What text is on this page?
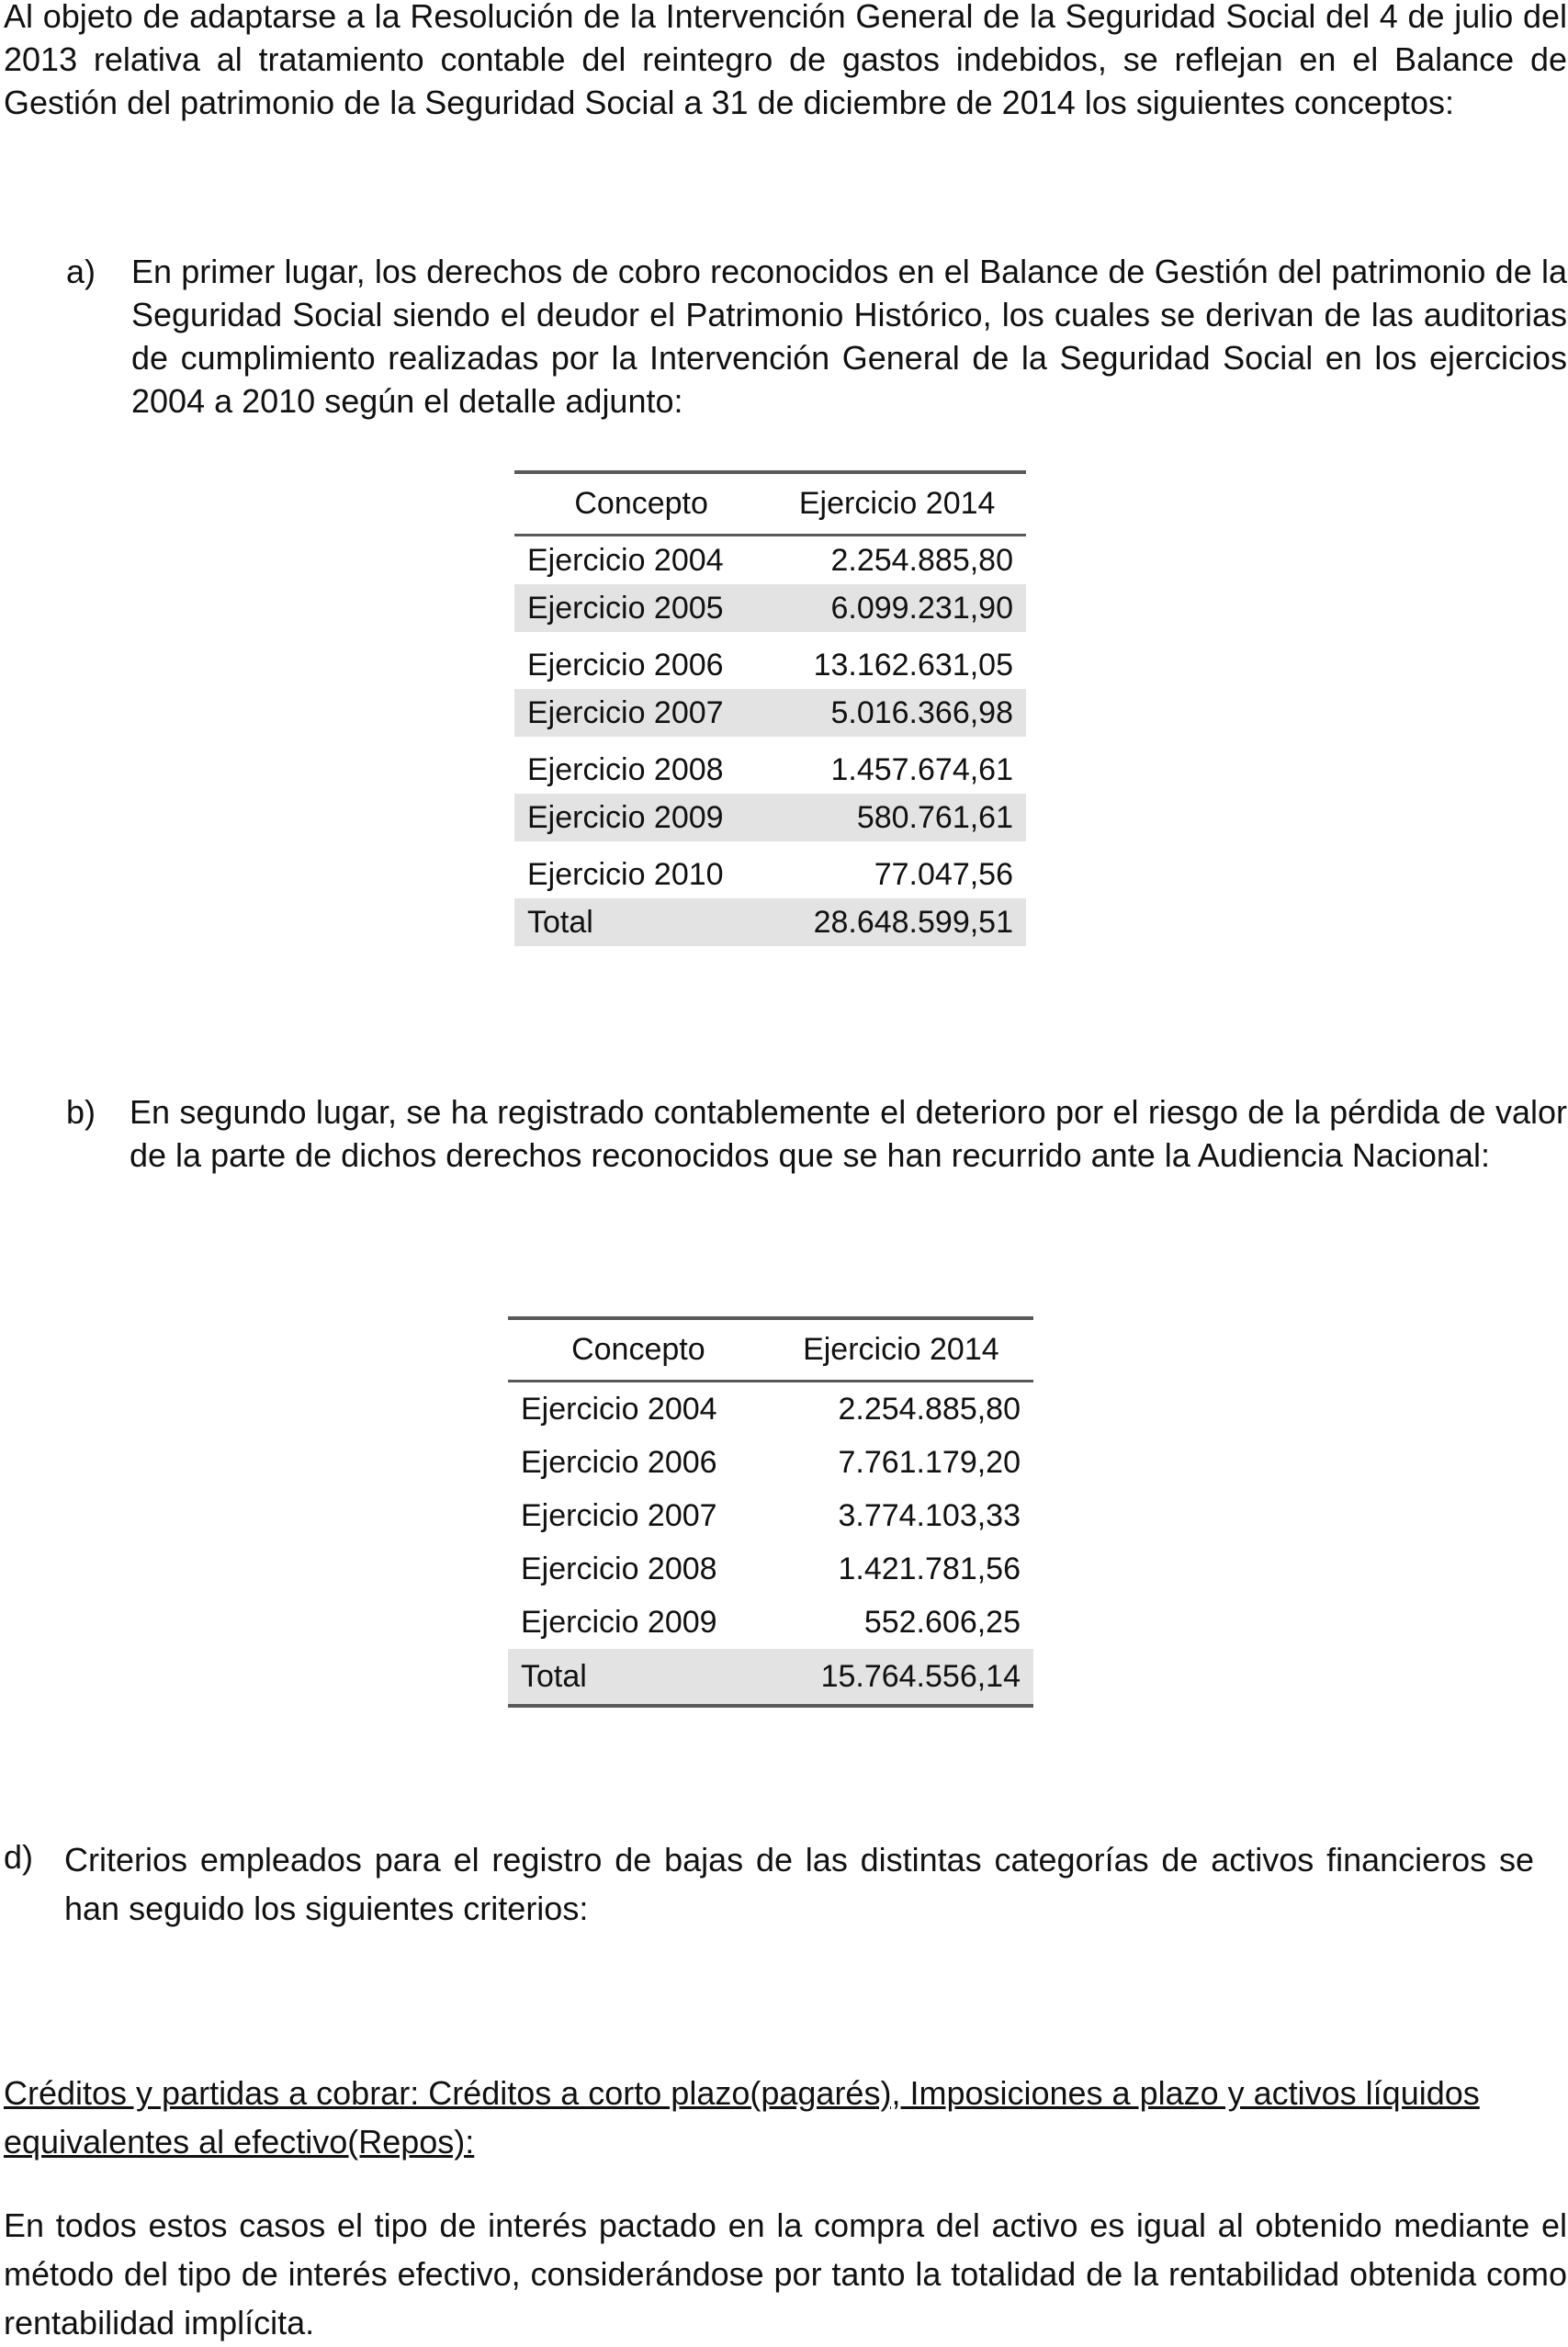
Al objeto de adaptarse a la Resolución de la Intervención General de la Seguridad Social del 4 de julio del 2013 relativa al tratamiento contable del reintegro de gastos indebidos, se reflejan en el Balance de Gestión del patrimonio de la Seguridad Social a 31 de diciembre de 2014 los siguientes conceptos:
a) En primer lugar, los derechos de cobro reconocidos en el Balance de Gestión del patrimonio de la Seguridad Social siendo el deudor el Patrimonio Histórico, los cuales se derivan de las auditorias de cumplimiento realizadas por la Intervención General de la Seguridad Social en los ejercicios 2004 a 2010 según el detalle adjunto:
Concepto	Ejercicio 2014
Ejercicio 2004	2.254.885,80
Ejercicio 2005	6.099.231,90

Ejercicio 2006	13.162.631,05
Ejercicio 2007	5.016.366,98

Ejercicio 2008	1.457.674,61
Ejercicio 2009	580.761,61

Ejercicio 2010	77.047,56
Total	28.648.599,51
b) En segundo lugar, se ha registrado contablemente el deterioro por el riesgo de la pérdida de valor de la parte de dichos derechos reconocidos que se han recurrido ante la Audiencia Nacional:
Concepto	Ejercicio 2014
Ejercicio 2004	2.254.885,80
Ejercicio 2006	7.761.179,20
Ejercicio 2007	3.774.103,33
Ejercicio 2008	1.421.781,56
Ejercicio 2009	552.606,25
Total	15.764.556,14
d) Criterios empleados para el registro de bajas de las distintas categorías de activos financieros se han seguido los siguientes criterios:
Créditos y partidas a cobrar: Créditos a corto plazo(pagarés), Imposiciones a plazo y activos líquidos equivalentes al efectivo(Repos):
En todos estos casos el tipo de interés pactado en la compra del activo es igual al obtenido mediante el método del tipo de interés efectivo, considerándose por tanto la totalidad de la rentabilidad obtenida como rentabilidad implícita.
